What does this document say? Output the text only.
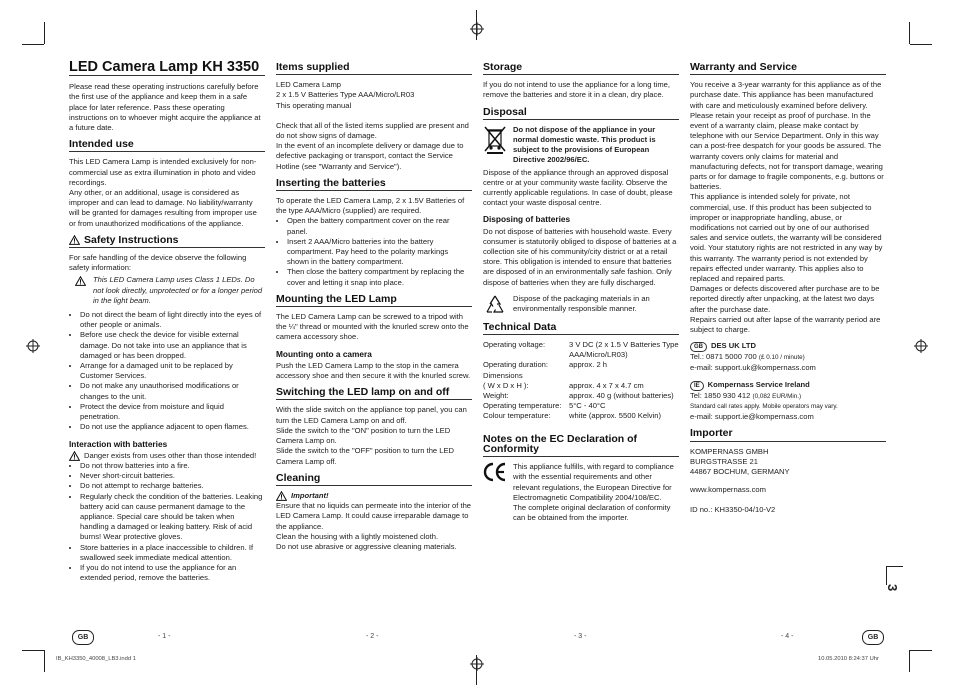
LED Camera Lamp KH 3350

Please read these operating instructions carefully before the first use of the appliance and keep them in a safe place for later reference. Pass these operating instructions on to whoever might acquire the appliance at a future date.

Intended use

This LED Camera Lamp is intended exclusively for non-commercial use as extra illumination in photo and video recordings.

Any other, or an additional, usage is considered as improper and can lead to damage. No liability/warranty will be granted for damages resulting from improper use or from unauthorized modifications of the appliance.

Safety Instructions

For safe handling of the device observe the following safety information:

This LED Camera Lamp uses Class 1 LEDs. Do not look directly, unprotected or for a longer period in the light beam.

• Do not direct the beam of light directly into the eyes of other people or animals.
• Before use check the device for visible external damage. Do not take into use an appliance that is damaged or has been dropped.
• Arrange for a damaged unit to be replaced by Customer Services.
• Do not make any unauthorised modifications or changes to the unit.
• Protect the device from moisture and liquid penetration.
• Do not use the appliance adjacent to open flames.
Interaction with batteries
Danger exists from uses other than those intended!
• Do not throw batteries into a fire.
• Never short-circuit batteries.
• Do not attempt to recharge batteries.
• Regularly check the condition of the batteries. Leaking battery acid can cause permanent damage to the appliance. Special care should be taken when handling a damaged or leaking battery. Risk of acid burns! Wear protective gloves.
• Store batteries in a place inaccessible to children. If swallowed seek immediate medical attention.
• If you do not intend to use the appliance for an extended period, remove the batteries.
Items supplied

LED Camera Lamp
2 x 1.5 V Batteries Type AAA/Micro/LR03
This operating manual

Check that all of the listed items supplied are present and do not show signs of damage.

In the event of an incomplete delivery or damage due to defective packaging or transport, contact the Service Hotline (see "Warranty and Service").

Inserting the batteries

To operate the LED Camera Lamp, 2 x 1.5V Batteries of the type AAA/Micro (supplied) are required.

• Open the battery compartment cover on the rear panel.
• Insert 2 AAA/Micro batteries into the battery compartment. Pay heed to the polarity markings shown in the battery compartment.
• Then close the battery compartment by replacing the cover and letting it snap into place.
Mounting the LED Lamp

The LED Camera Lamp can be screwed to a tripod with the ¼" thread or mounted with the knurled screw onto the camera accessory shoe.

Mounting onto a camera

Push the LED Camera Lamp to the stop in the camera accessory shoe and then secure it with the knurled screw.

Switching the LED lamp on and off

With the slide switch on the appliance top panel, you can turn the LED Camera Lamp on and off.

Slide the switch to the "ON" position to turn the LED Camera Lamp on.

Slide the switch to the "OFF" position to turn the LED Camera Lamp off.

Cleaning
Important!

Ensure that no liquids can permeate into the interior of the LED Camera Lamp. It could cause irreparable damage to the appliance.

Clean the housing with a lightly moistened cloth.

Do not use abrasive or aggressive cleaning materials.

Storage

If you do not intend to use the appliance for a long time, remove the batteries and store it in a clean, dry place.

Disposal

Do not dispose of the appliance in your normal domestic waste. This product is subject to the provisions of European Directive 2002/96/EC.

Dispose of the appliance through an approved disposal centre or at your community waste facility. Observe the currently applicable regulations. In case of doubt, please contact your waste disposal centre.

Disposing of batteries

Do not dispose of batteries with household waste. Every consumer is statutorily obliged to dispose of batteries at a collection site of his community/city district or at a retail store. This obligation is intended to ensure that batteries are disposed of in an environmentally safe fashion. Only dispose of batteries when they are fully discharged.

Dispose of the packaging materials in an environmentally responsible manner.

Technical Data
Operating voltage:	3 V DC (2 x 1.5 V Batteries Type AAA/Micro/LR03)
Operating duration:	approx. 2 h
Dimensions	
( W x D x H ):	approx. 4 x 7 x 4.7 cm
Weight:	approx. 40 g (without batteries)
Operating temperature:	5°C - 40°C
Colour temperature:	white (approx. 5500 Kelvin)
Notes on the EC Declaration of Conformity

This appliance fulfills, with regard to compliance with the essential requirements and other relevant regulations, the European Directive for Electromagnetic Compatibility 2004/108/EC.

The complete original declaration of conformity can be obtained from the importer.

Warranty and Service

You receive a 3-year warranty for this appliance as of the purchase date. This appliance has been manufactured with care and meticulously examined before delivery.

Please retain your receipt as proof of purchase. In the event of a warranty claim, please make contact by telephone with our Service Department. Only in this way can a post-free despatch for your goods be assured. The warranty covers only claims for material and manufacturing defects, not for transport damage, wearing parts or for damage to fragile components, e.g. buttons or batteries.

This appliance is intended solely for private, not commercial, use. If this product has been subjected to improper or inappropriate handling, abuse, or modifications not carried out by one of our authorised sales and service outlets, the warranty will be considered void. Your statutory rights are not restricted in any way by this warranty. The warranty period is not extended by repairs effected under warranty. This applies also to replaced and repaired parts.

Damages or defects discovered after purchase are to be reported directly after unpacking, at the latest two days after the purchase date.

Repairs carried out after lapse of the warranty period are subject to charge.

GB DES UK LTD
Tel.: 0871 5000 700 (£ 0.10 / minute)
e-mail: support.uk@kompernass.com
IE Kompernass Service Ireland
Tel: 1850 930 412 (0,082 EUR/Min.)
Standard call rates apply. Mobile operators may vary.
e-mail: support.ie@kompernass.com
Importer

KOMPERNASS GMBH
BURGSTRASSE 21
44867 BOCHUM, GERMANY

www.kompernass.com

ID no.: KH3350-04/10-V2

3
GB	GB
- 1 -	- 2 -	- 3 -	- 4 -
IB_KH3350_40008_LB3.indd 1	10.05.2010 8:24:37 Uhr
